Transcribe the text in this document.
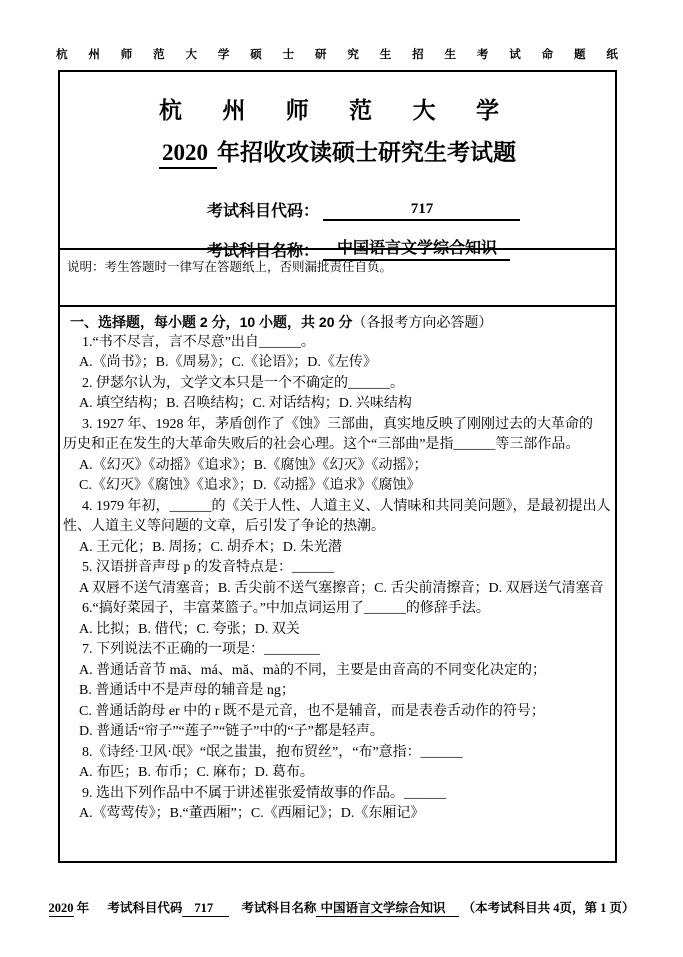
杭 州 师 范 大 学 硕 士 研 究 生 招 生 考 试 命 题 纸
杭 州 师 范 大 学
2020 年招收攻读硕士研究生考试题
考试科目代码：	717
考试科目名称： 中国语言文学综合知识
说明：考生答题时一律写在答题纸上，否则漏批责任自负。
一、选择题，每小题 2 分，10 小题，共 20 分（各报考方向必答题）
1.“书不尽言，言不尽意”出自______。
A.《尚书》；B.《周易》；C.《论语》；D.《左传》
2. 伊瑟尔认为，文学文本只是一个不确定的______。
A. 填空结构；B. 召唤结构；C. 对话结构；D. 兴味结构
3. 1927 年、1928 年，茅盾创作了《蚀》三部曲，真实地反映了刚刚过去的大革命的
历史和正在发生的大革命失败后的社会心理。这个“三部曲”是指______等三部作品。
A.《幻灭》《动摇》《追求》；B.《腐蚀》《幻灭》《动摇》；
C.《幻灭》《腐蚀》《追求》；D.《动摇》《追求》《腐蚀》
4. 1979 年初，______的《关于人性、人道主义、人情味和共同美问题》，是最初提出人
性、人道主义等问题的文章，后引发了争论的热潮。
A. 王元化；B. 周扬；C. 胡乔木；D. 朱光潜
5. 汉语拼音声母 p 的发音特点是：______
A 双唇不送气清塞音；B. 舌尖前不送气塞擦音；C. 舌尖前清擦音；D. 双唇送气清塞音
6.“搞好菜园子，丰富菜篮子。”中加点词运用了______的修辞手法。
A. 比拟；B. 借代；C. 夸张；D. 双关
7. 下列说法不正确的一项是：________
A. 普通话音节 mā、má、mǎ、mà的不同，主要是由音高的不同变化决定的；
B. 普通话中不是声母的辅音是 ng；
C. 普通话韵母 er 中的 r 既不是元音，也不是辅音，而是表卷舌动作的符号；
D. 普通话“帘子”“莲子”“链子”中的“子”都是轻声。
8.《诗经·卫风·氓》“氓之蚩蚩，抱布贸丝”，“布”意指：______
A. 布匹；B. 布币；C. 麻布；D. 葛布。
9. 选出下列作品中不属于讲述崔张爱情故事的作品。______
A.《莺莺传》；B.“董西厢”；C.《西厢记》；D.《东厢记》
2020 年 考试科目代码 717 考试科目名称 中国语言文学综合知识 （本考试科目共 4页，第 1 页）
